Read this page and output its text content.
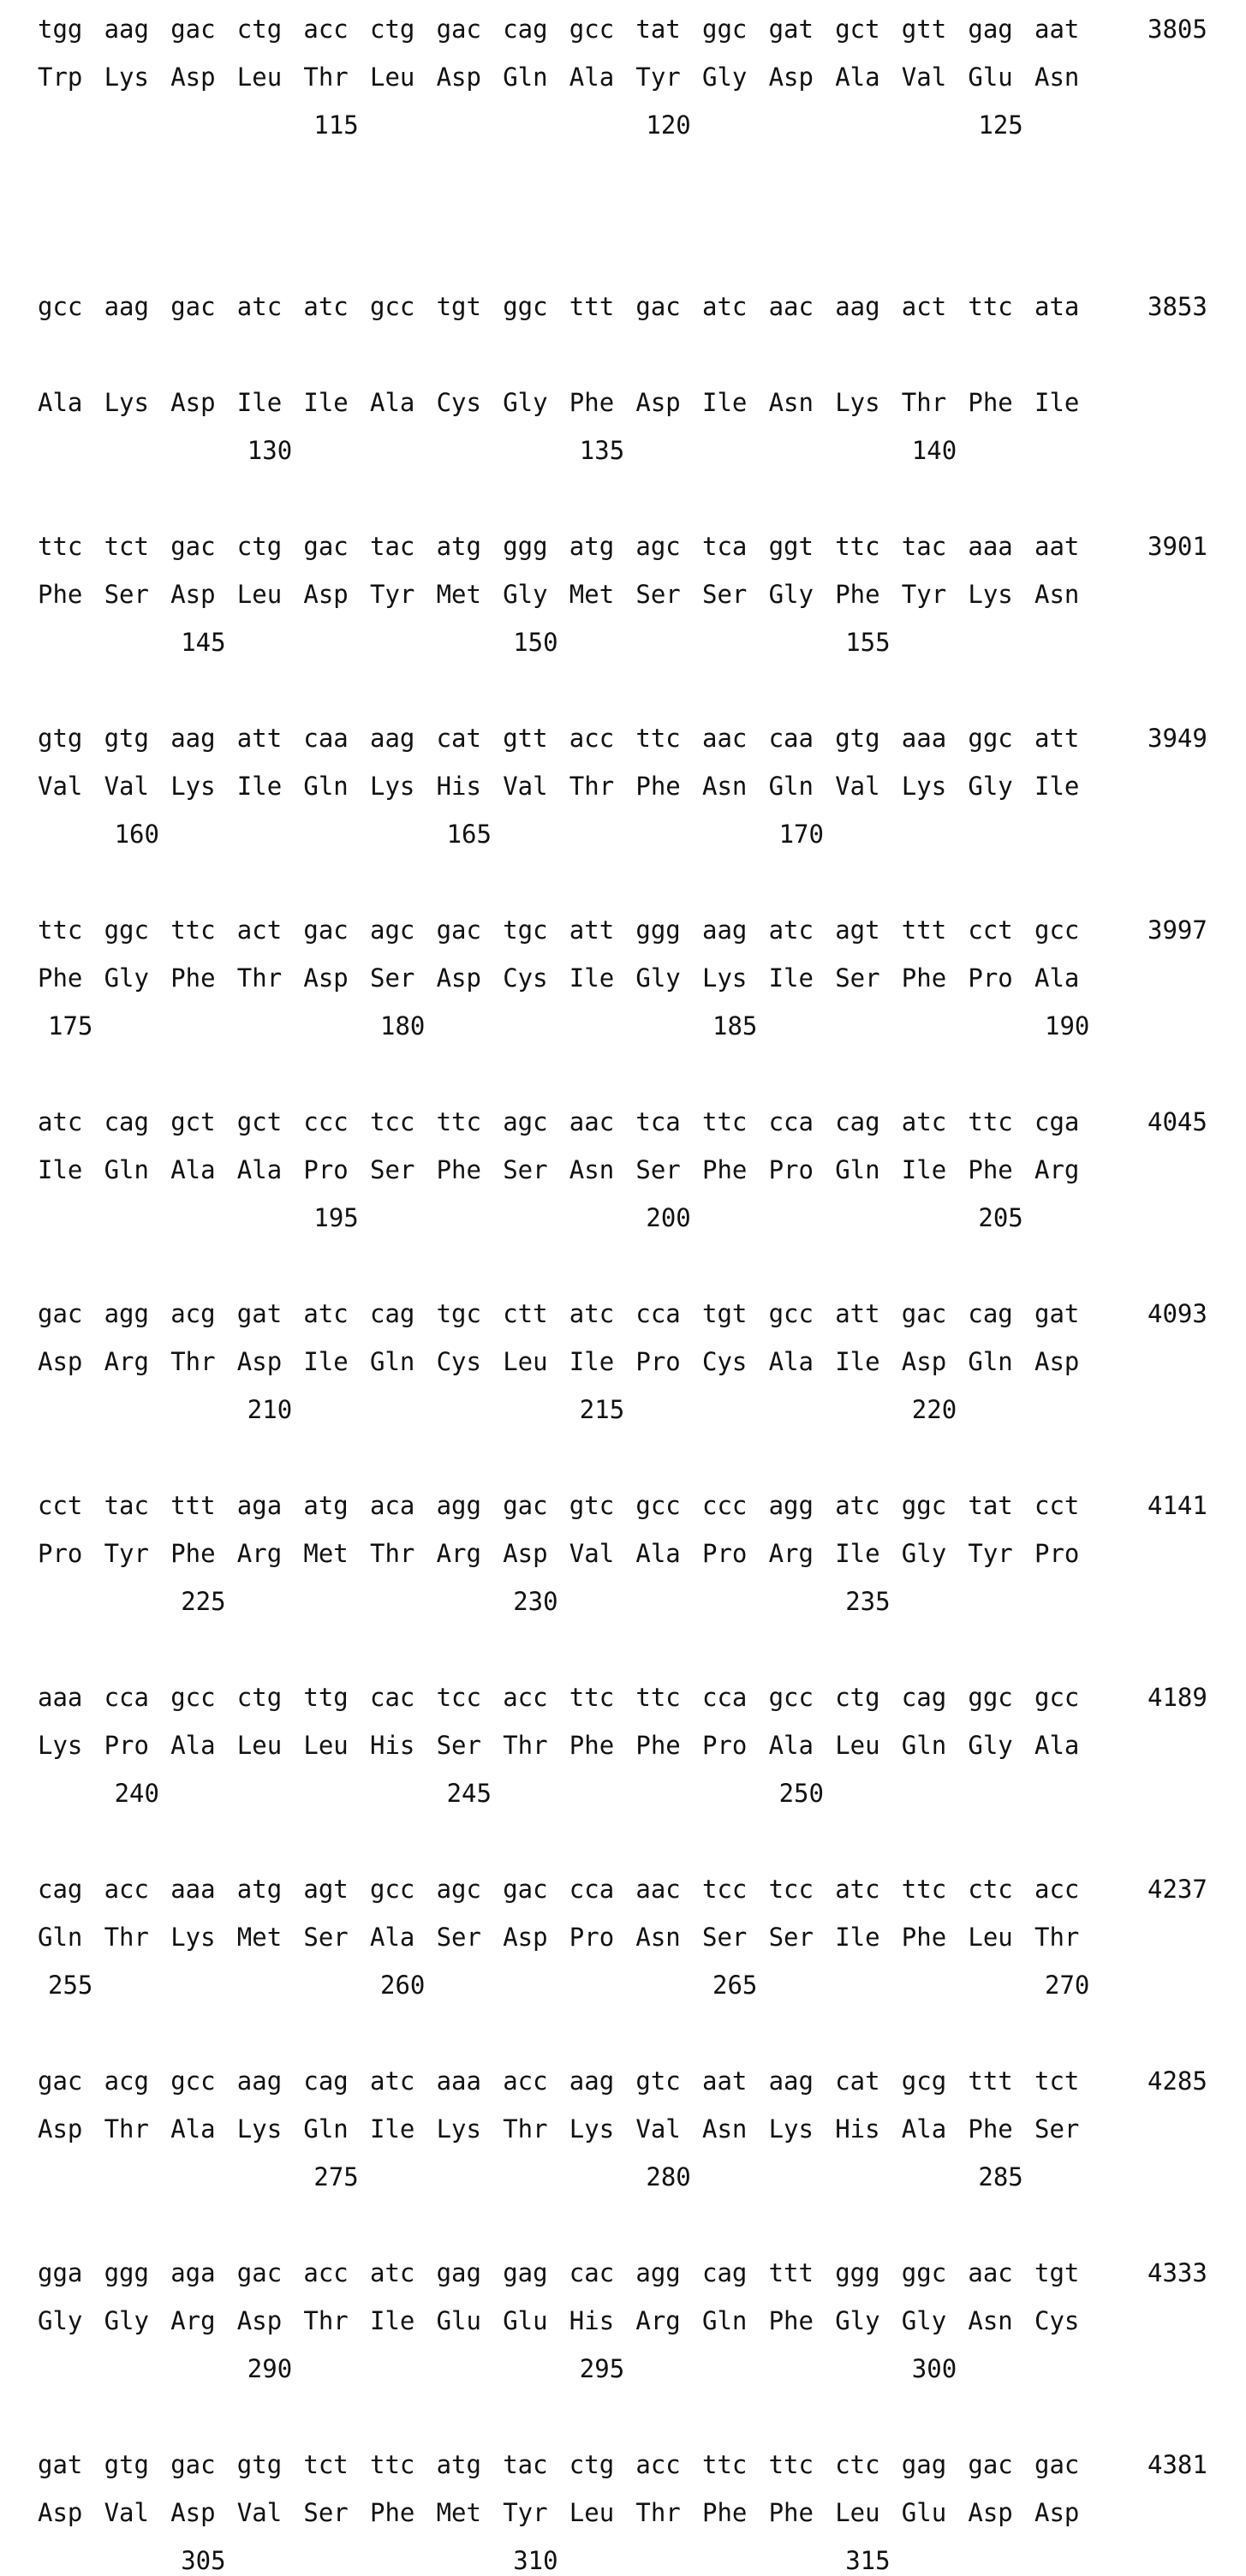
tgg aag gac ctg acc ctg gac cag gcc tat ggc gat gct gtt gag aat	3805
Trp Lys Asp Leu Thr Leu Asp Gln Ala Tyr Gly Asp Ala Val Glu Asn
115	120	125
gcc aag gac atc atc gcc tgt ggc ttt gac atc aac aag act ttc ata	3853
Ala Lys Asp Ile Ile Ala Cys Gly Phe Asp Ile Asn Lys Thr Phe Ile
130	135	140
ttc tct gac ctg gac tac atg ggg atg agc tca ggt ttc tac aaa aat	3901
Phe Ser Asp Leu Asp Tyr Met Gly Met Ser Ser Gly Phe Tyr Lys Asn
145	150	155
gtg gtg aag att caa aag cat gtt acc ttc aac caa gtg aaa ggc att	3949
Val Val Lys Ile Gln Lys His Val Thr Phe Asn Gln Val Lys Gly Ile
160	165	170
ttc ggc ttc act gac agc gac tgc att ggg aag atc agt ttt cct gcc	3997
Phe Gly Phe Thr Asp Ser Asp Cys Ile Gly Lys Ile Ser Phe Pro Ala
175	180	185	190
atc cag gct gct ccc tcc ttc agc aac tca ttc cca cag atc ttc cga	4045
Ile Gln Ala Ala Pro Ser Phe Ser Asn Ser Phe Pro Gln Ile Phe Arg
195	200	205
gac agg acg gat atc cag tgc ctt atc cca tgt gcc att gac cag gat	4093
Asp Arg Thr Asp Ile Gln Cys Leu Ile Pro Cys Ala Ile Asp Gln Asp
210	215	220
cct tac ttt aga atg aca agg gac gtc gcc ccc agg atc ggc tat cct	4141
Pro Tyr Phe Arg Met Thr Arg Asp Val Ala Pro Arg Ile Gly Tyr Pro
225	230	235
aaa cca gcc ctg ttg cac tcc acc ttc ttc cca gcc ctg cag ggc gcc	4189
Lys Pro Ala Leu Leu His Ser Thr Phe Phe Pro Ala Leu Gln Gly Ala
240	245	250
cag acc aaa atg agt gcc agc gac cca aac tcc tcc atc ttc ctc acc	4237
Gln Thr Lys Met Ser Ala Ser Asp Pro Asn Ser Ser Ile Phe Leu Thr
255	260	265	270
gac acg gcc aag cag atc aaa acc aag gtc aat aag cat gcg ttt tct	4285
Asp Thr Ala Lys Gln Ile Lys Thr Lys Val Asn Lys His Ala Phe Ser
275	280	285
gga ggg aga gac acc atc gag gag cac agg cag ttt ggg ggc aac tgt	4333
Gly Gly Arg Asp Thr Ile Glu Glu His Arg Gln Phe Gly Gly Asn Cys
290	295	300
gat gtg gac gtg tct ttc atg tac ctg acc ttc ttc ctc gag gac gac	4381
Asp Val Asp Val Ser Phe Met Tyr Leu Thr Phe Phe Leu Glu Asp Asp
305	310	315
